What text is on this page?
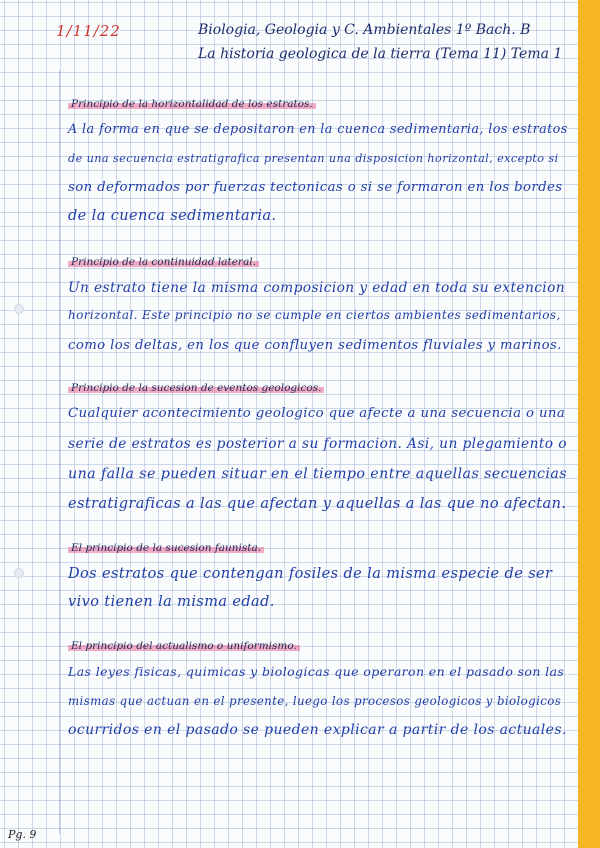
1/11/22	Biologia, Geologia y C. Ambientales 1º Bach. B
La historia geologica de la tierra (Tema 11) Tema 1
Principio de la horizontalidad de los estratos.
A la forma en que se depositaron en la cuenca sedimentaria, los estratos
de una secuencia estratigrafica presentan una disposicion horizontal, excepto si
son deformados por fuerzas tectonicas o si se formaron en los bordes
de la cuenca sedimentaria.
Principio de la continuidad lateral.
Un estrato tiene la misma composicion y edad en toda su extencion
horizontal. Este principio no se cumple en ciertos ambientes sedimentarios,
como los deltas, en los que confluyen sedimentos fluviales y marinos.
Principio de la sucesion de eventos geologicos.
Cualquier acontecimiento geologico que afecte a una secuencia o una
serie de estratos es posterior a su formacion. Asi, un plegamiento o
una falla se pueden situar en el tiempo entre aquellas secuencias
estratigraficas a las que afectan y aquellas a las que no afectan.
El principio de la sucesion faunista.
Dos estratos que contengan fosiles de la misma especie de ser
vivo tienen la misma edad.
El principio del actualismo o uniformismo.
Las leyes fisicas, quimicas y biologicas que operaron en el pasado son las
mismas que actuan en el presente, luego los procesos geologicos y biologicos
ocurridos en el pasado se pueden explicar a partir de los actuales.
Pg. 9
